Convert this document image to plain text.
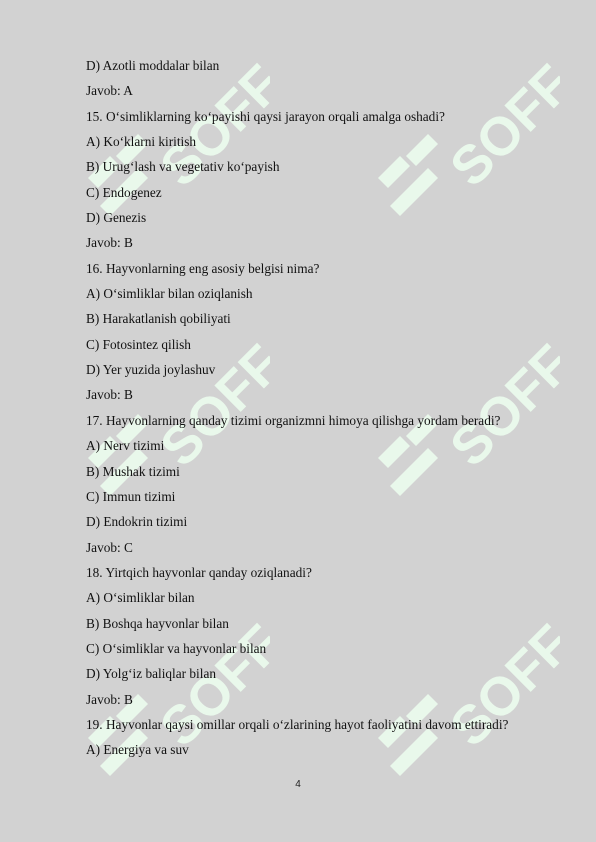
SOFF	SOFF
SOFF	SOFF
SOFF	SOFF
D) Azotli moddalar bilan
Javob: A
15. O‘simliklarning ko‘payishi qaysi jarayon orqali amalga oshadi?
A) Ko‘klarni kiritish
B) Urug‘lash va vegetativ ko‘payish
C) Endogenez
D) Genezis
Javob: B
16. Hayvonlarning eng asosiy belgisi nima?
A) O‘simliklar bilan oziqlanish
B) Harakatlanish qobiliyati
C) Fotosintez qilish
D) Yer yuzida joylashuv
Javob: B
17. Hayvonlarning qanday tizimi organizmni himoya qilishga yordam beradi?
A) Nerv tizimi
B) Mushak tizimi
C) Immun tizimi
D) Endokrin tizimi
Javob: C
18. Yirtqich hayvonlar qanday oziqlanadi?
A) O‘simliklar bilan
B) Boshqa hayvonlar bilan
C) O‘simliklar va hayvonlar bilan
D) Yolg‘iz baliqlar bilan
Javob: B
19. Hayvonlar qaysi omillar orqali o‘zlarining hayot faoliyatini davom ettiradi?
A) Energiya va suv
4
